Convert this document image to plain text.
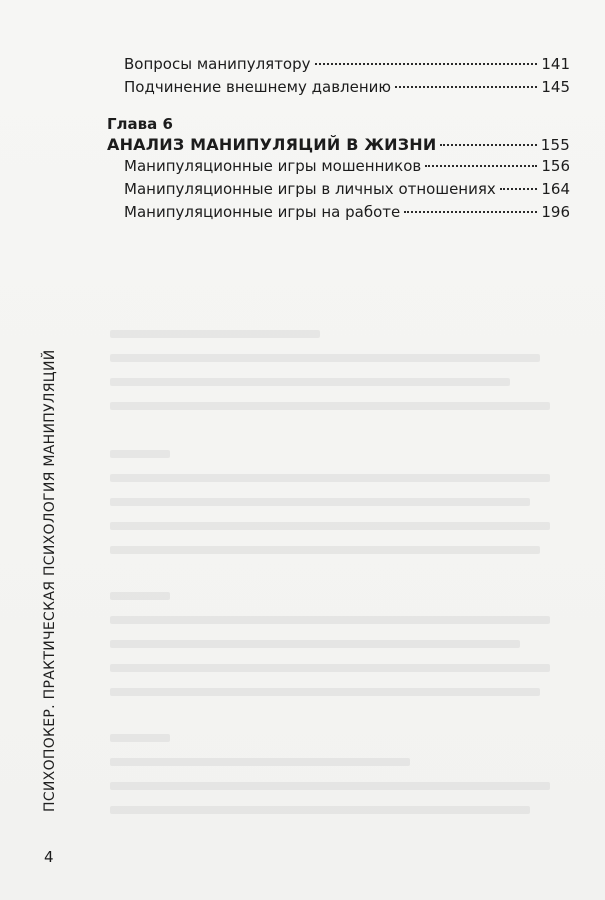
Вопросы манипулятору	141
Подчинение внешнему давлению	145
Глава 6
АНАЛИЗ МАНИПУЛЯЦИЙ В ЖИЗНИ	155
Манипуляционные игры мошенников	156
Манипуляционные игры в личных отношениях	164
Манипуляционные игры на работе	196
ПСИХОПОКЕР. ПРАКТИЧЕСКАЯ ПСИХОЛОГИЯ МАНИПУЛЯЦИЙ
4
